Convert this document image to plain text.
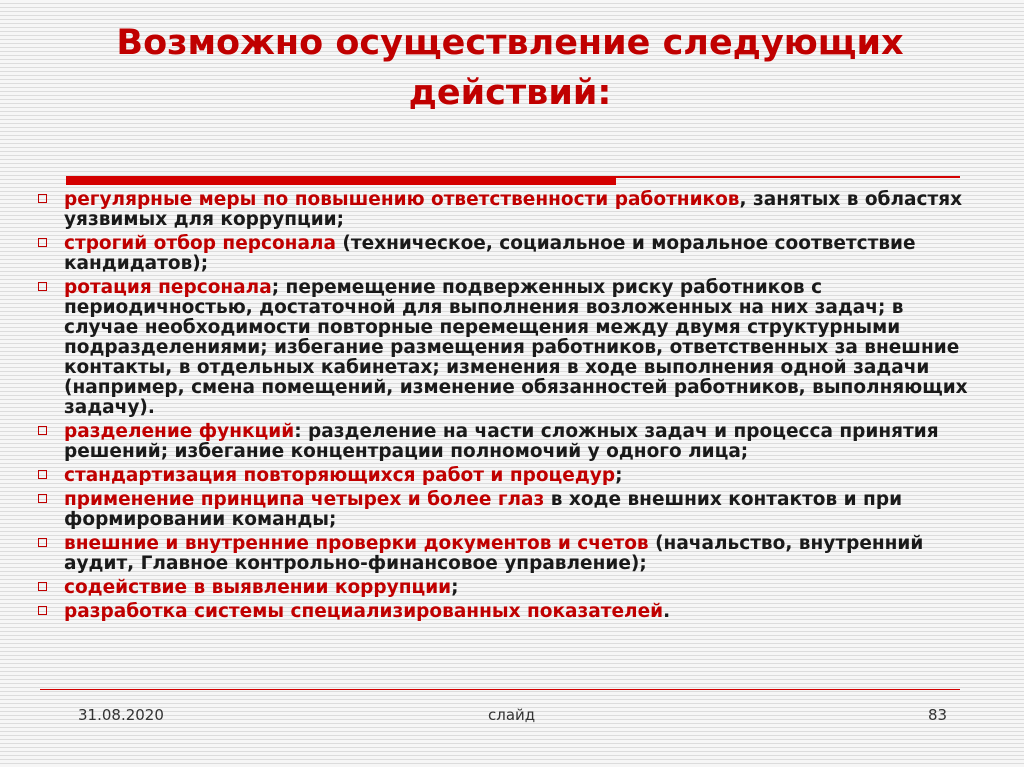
Возможно осуществление следующих действий:
регулярные меры по повышению ответственности работников, занятых в областях уязвимых для коррупции;
строгий отбор персонала (техническое, социальное и моральное соответствие кандидатов);
ротация персонала; перемещение подверженных риску работников с периодичностью, достаточной для выполнения возложенных на них задач; в случае необходимости повторные перемещения между двумя структурными подразделениями; избегание размещения работников, ответственных за внешние контакты, в отдельных кабинетах; изменения в ходе выполнения одной задачи (например, смена помещений, изменение обязанностей работников, выполняющих задачу).
разделение функций: разделение на части сложных задач и процесса принятия решений; избегание концентрации полномочий у одного лица;
стандартизация повторяющихся работ и процедур;
применение принципа четырех и более глаз в ходе внешних контактов и при формировании команды;
внешние и внутренние проверки документов и счетов (начальство, внутренний аудит, Главное контрольно-финансовое управление);
содействие в выявлении коррупции;
разработка системы специализированных показателей.
31.08.2020	слайд	83
